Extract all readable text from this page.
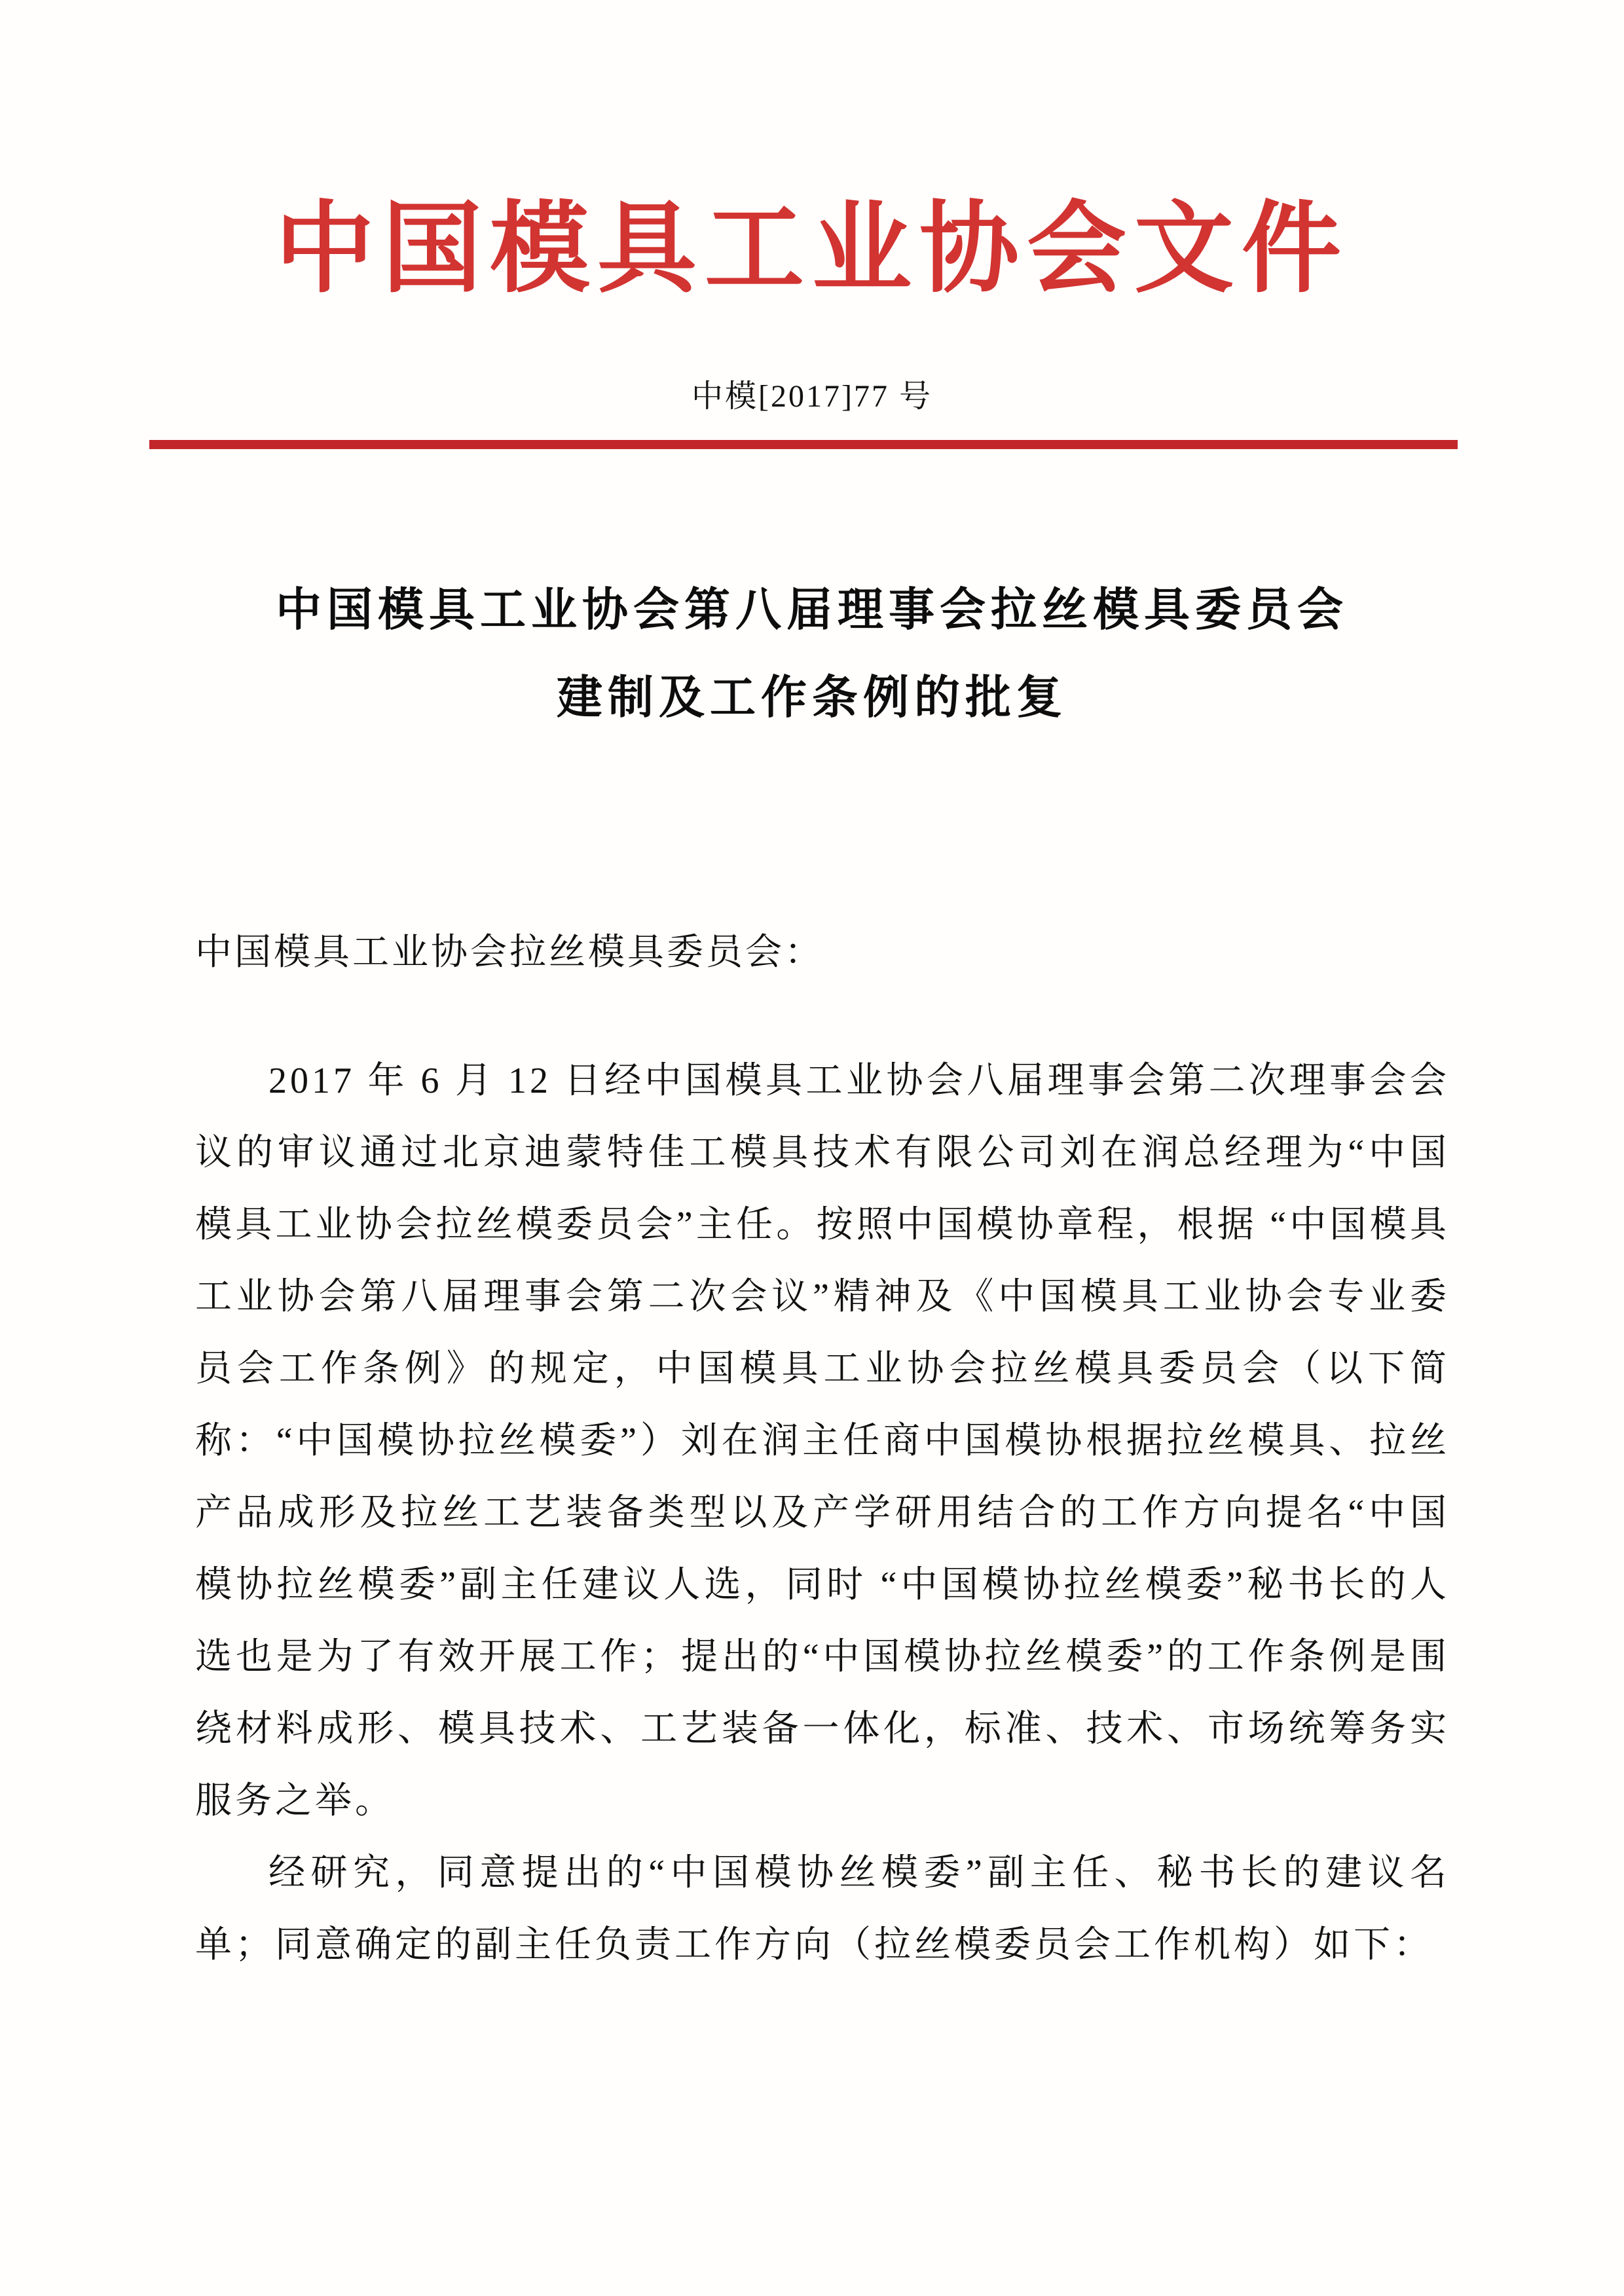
中国模具工业协会文件
中模[2017]77 号
中国模具工业协会第八届理事会拉丝模具委员会
建制及工作条例的批复

中国模具工业协会拉丝模具委员会：

2017 年 6 月 12 日经中国模具工业协会八届理事会第二次理事会会议的审议通过北京迪蒙特佳工模具技术有限公司刘在润总经理为“中国模具工业协会拉丝模委员会”主任。按照中国模协章程，根据 “中国模具工业协会第八届理事会第二次会议”精神及《中国模具工业协会专业委员会工作条例》的规定，中国模具工业协会拉丝模具委员会（以下简称：“中国模协拉丝模委”）刘在润主任商中国模协根据拉丝模具、拉丝产品成形及拉丝工艺装备类型以及产学研用结合的工作方向提名“中国模协拉丝模委”副主任建议人选，同时 “中国模协拉丝模委”秘书长的人选也是为了有效开展工作；提出的“中国模协拉丝模委”的工作条例是围绕材料成形、模具技术、工艺装备一体化，标准、技术、市场统筹务实服务之举。

经研究，同意提出的“中国模协丝模委”副主任、秘书长的建议名单；同意确定的副主任负责工作方向（拉丝模委员会工作机构）如下：
